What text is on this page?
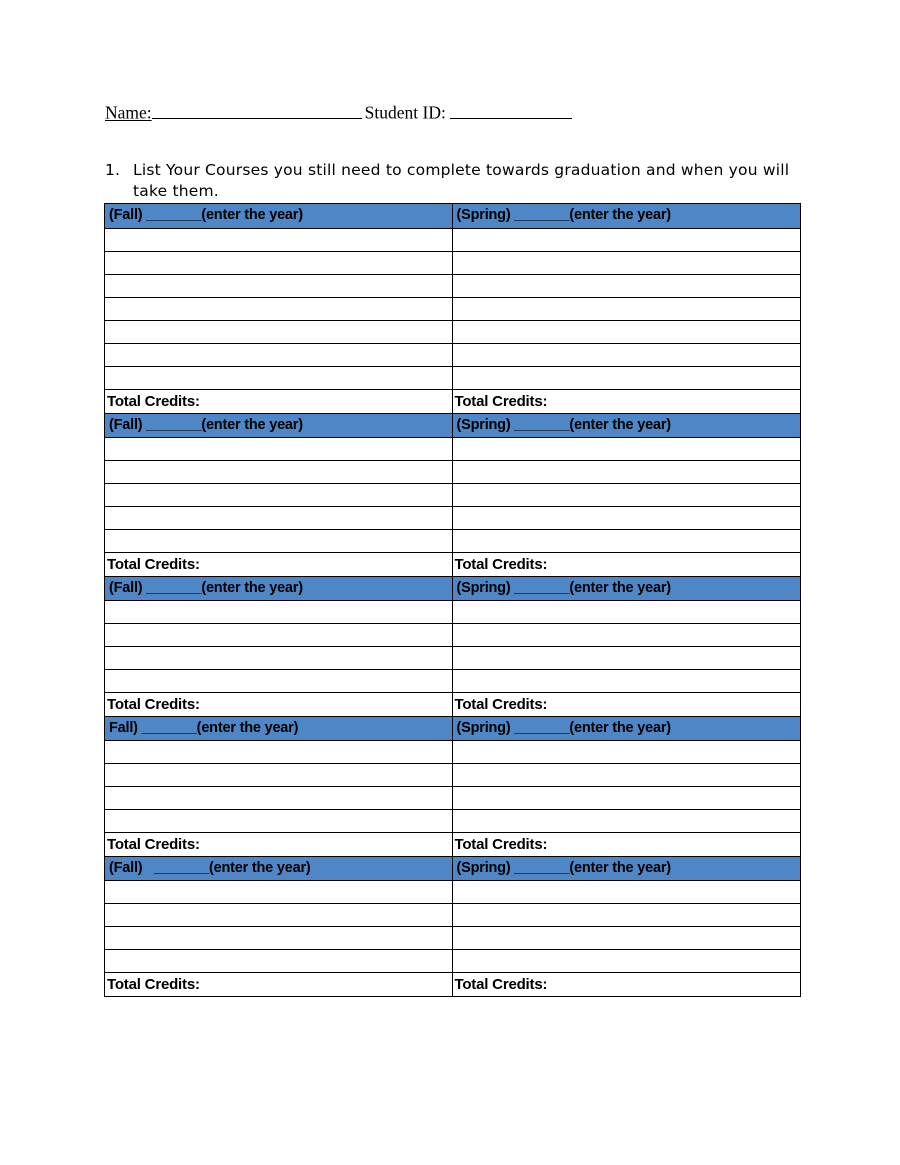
Name:	Student ID:
1. List Your Courses you still need to complete towards graduation and when you will take them.
(Fall) _______(enter the year)	(Spring) _______(enter the year)
Total Credits:	Total Credits:
(Fall) _______(enter the year)	(Spring) _______(enter the year)
Total Credits:	Total Credits:
(Fall) _______(enter the year)	(Spring) _______(enter the year)
Total Credits:	Total Credits:
Fall) _______(enter the year)	(Spring) _______(enter the year)
Total Credits:	Total Credits:
(Fall)   _______(enter the year)	(Spring) _______(enter the year)
Total Credits:	Total Credits:
